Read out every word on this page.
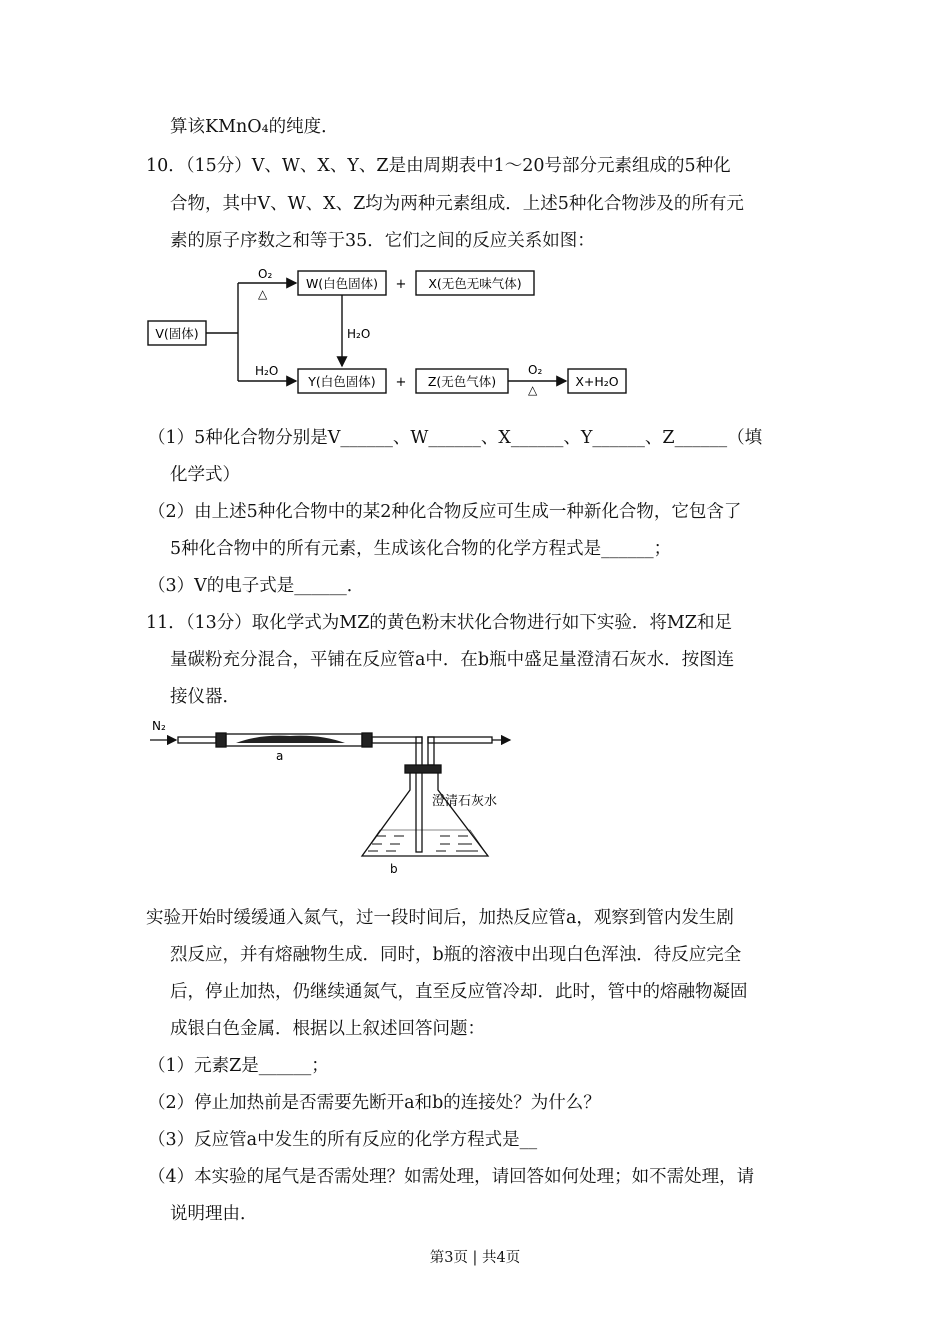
算该KMnO₄的纯度．
10．（15分）V、W、X、Y、Z是由周期表中1～20号部分元素组成的5种化
合物，其中V、W、X、Z均为两种元素组成．上述5种化合物涉及的所有元
素的原子序数之和等于35．它们之间的反应关系如图：
O₂
△
H₂O
H₂O
O₂
△
V(固体)
W(白色固体)	X(无色无味气体)
Y(白色固体)	Z(无色气体)	X+H₂O
+
+
（1）5种化合物分别是V______、W______、X______、Y______、Z______（填
化学式）
（2）由上述5种化合物中的某2种化合物反应可生成一种新化合物，它包含了
5种化合物中的所有元素，生成该化合物的化学方程式是______；
（3）V的电子式是______．
11．（13分）取化学式为MZ的黄色粉末状化合物进行如下实验．将MZ和足
量碳粉充分混合，平铺在反应管a中．在b瓶中盛足量澄清石灰水．按图连
接仪器．
N₂
a
b
澄清石灰水
实验开始时缓缓通入氮气，过一段时间后，加热反应管a，观察到管内发生剧
烈反应，并有熔融物生成．同时，b瓶的溶液中出现白色浑浊．待反应完全
后，停止加热，仍继续通氮气，直至反应管冷却．此时，管中的熔融物凝固
成银白色金属．根据以上叙述回答问题：
（1）元素Z是______；
（2）停止加热前是否需要先断开a和b的连接处？为什么？
（3）反应管a中发生的所有反应的化学方程式是__
（4）本实验的尾气是否需处理？如需处理，请回答如何处理；如不需处理，请
说明理由．
第3页 | 共4页
